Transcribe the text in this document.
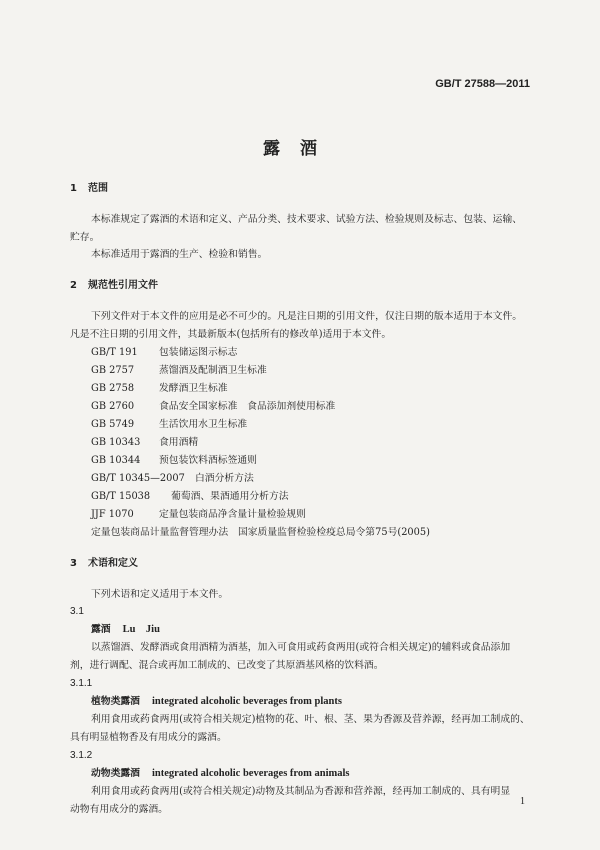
GB/T 27588—2011
露酒
1 范围
本标准规定了露酒的术语和定义、产品分类、技术要求、试验方法、检验规则及标志、包装、运输、
贮存。
本标准适用于露酒的生产、检验和销售。
2 规范性引用文件
下列文件对于本文件的应用是必不可少的。凡是注日期的引用文件，仅注日期的版本适用于本文件。
凡是不注日期的引用文件，其最新版本(包括所有的修改单)适用于本文件。
GB/T 191 包装储运图示标志
GB 2757	蒸馏酒及配制酒卫生标准
GB 2758	发酵酒卫生标准
GB 2760	食品安全国家标准　食品添加剂使用标准
GB 5749	生活饮用水卫生标准
GB 10343 食用酒精
GB 10344 预包装饮料酒标签通则
GB/T 10345—2007 白酒分析方法
GB/T 15038 葡萄酒、果酒通用分析方法
JJF 1070	定量包装商品净含量计量检验规则
定量包装商品计量监督管理办法　国家质量监督检验检疫总局令第75号(2005)
3 术语和定义
下列术语和定义适用于本文件。
3.1
露酒 Lu　Jiu
以蒸馏酒、发酵酒或食用酒精为酒基，加入可食用或药食两用(或符合相关规定)的辅料或食品添加
剂，进行调配、混合或再加工制成的、已改变了其原酒基风格的饮料酒。
3.1.1
植物类露酒 integrated alcoholic beverages from plants
利用食用或药食两用(或符合相关规定)植物的花、叶、根、茎、果为香源及营养源，经再加工制成的、
具有明显植物香及有用成分的露酒。
3.1.2
动物类露酒 integrated alcoholic beverages from animals
利用食用或药食两用(或符合相关规定)动物及其制品为香源和营养源，经再加工制成的、具有明显
动物有用成分的露酒。
1
